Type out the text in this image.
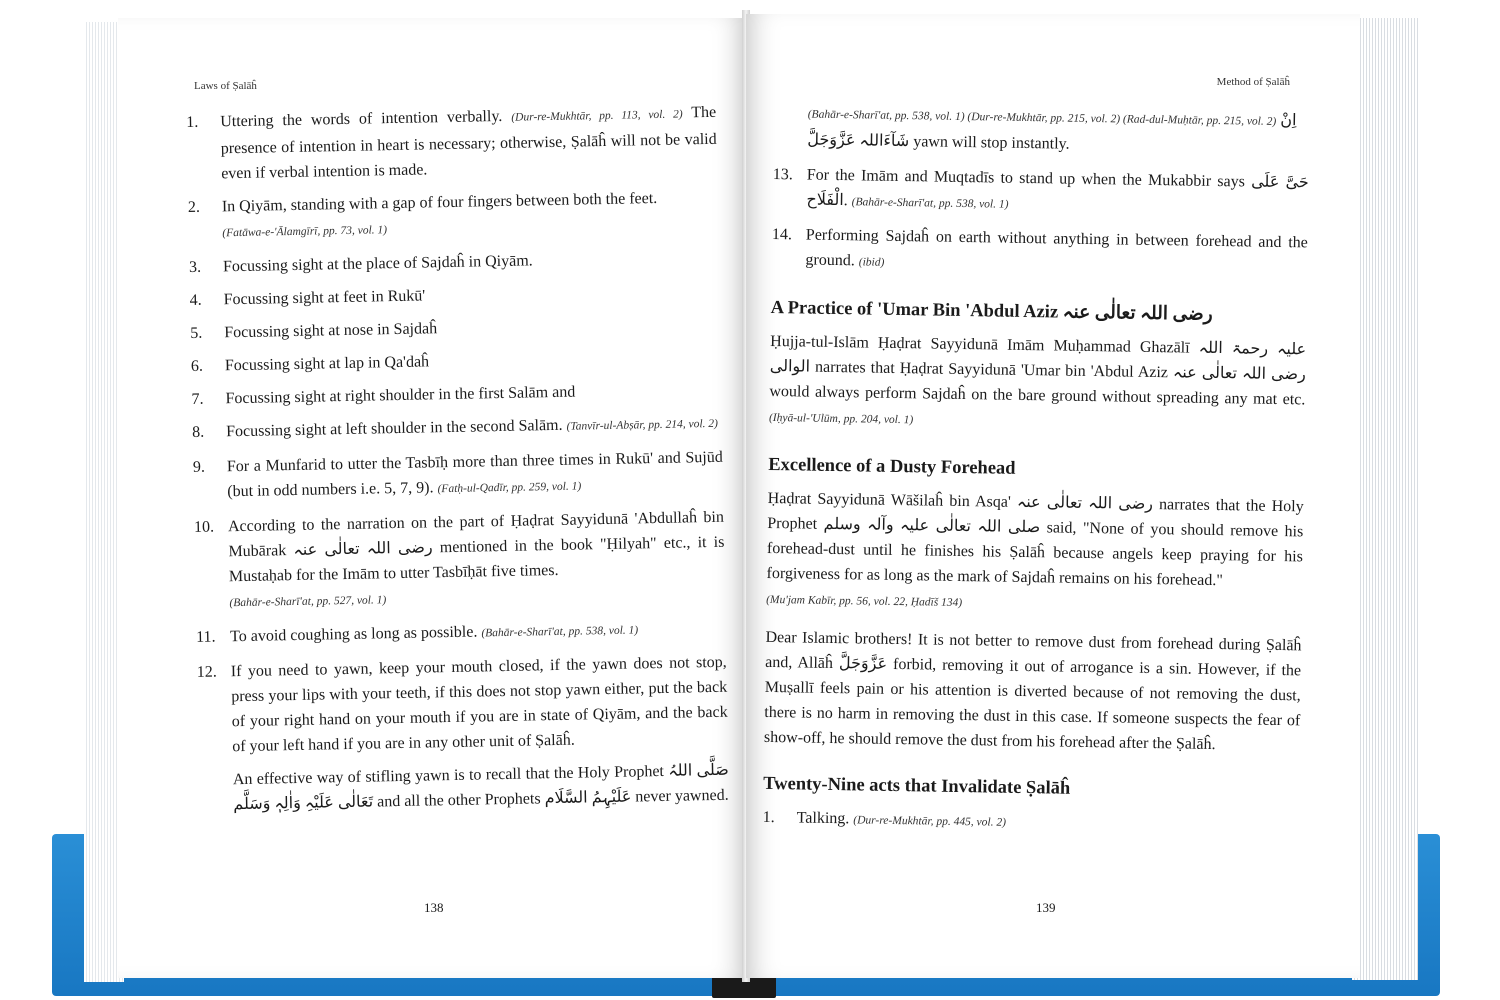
Laws of Ṣalāĥ
1.	Uttering the words of intention verbally. (Dur-re-Mukhtār, pp. 113, vol. 2) The presence of intention in heart is necessary; otherwise, Ṣalāĥ will not be valid even if verbal intention is made.
2.	In Qiyām, standing with a gap of four fingers between both the feet.
(Fatāwa-e-'Ālamgīrī, pp. 73, vol. 1)
3.	Focussing sight at the place of Sajdaĥ in Qiyām.
4.	Focussing sight at feet in Rukū'
5.	Focussing sight at nose in Sajdaĥ
6.	Focussing sight at lap in Qa'daĥ
7.	Focussing sight at right shoulder in the first Salām and
8.	Focussing sight at left shoulder in the second Salām. (Tanvīr-ul-Abṣār, pp. 214, vol. 2)
9.	For a Munfarid to utter the Tasbīḥ more than three times in Rukū' and Sujūd (but in odd numbers i.e. 5, 7, 9). (Fatḥ-ul-Qadīr, pp. 259, vol. 1)
10. According to the narration on the part of Ḥaḍrat Sayyidunā 'Abdullaĥ bin Mubārak رضی اللہ تعالٰی عنہ mentioned in the book "Ḥilyah" etc., it is Mustaḥab for the Imām to utter Tasbīḥāt five times.
(Bahār-e-Sharī'at, pp. 527, vol. 1)
11. To avoid coughing as long as possible. (Bahār-e-Sharī'at, pp. 538, vol. 1)
12. If you need to yawn, keep your mouth closed, if the yawn does not stop, press your lips with your teeth, if this does not stop yawn either, put the back of your right hand on your mouth if you are in state of Qiyām, and the back of your left hand if you are in any other unit of Ṣalāĥ.
An effective way of stifling yawn is to recall that the Holy Prophet صَلَّی اللہُ تَعَالٰی عَلَیْہِ وَاٰلِہٖ وَسَلَّم and all the other Prophets عَلَیْہِمُ السَّلَام never yawned.
138
Method of Ṣalāĥ
(Bahār-e-Sharī'at, pp. 538, vol. 1) (Dur-re-Mukhtār, pp. 215, vol. 2) (Rad-dul-Muḥtār, pp. 215, vol. 2) اِنْ شَآءَاللہ عَزَّوَجَلَّ yawn will stop instantly.
13. For the Imām and Muqtadīs to stand up when the Mukabbir says حَیَّ عَلَی الْفَلَاح. (Bahār-e-Sharī'at, pp. 538, vol. 1)
14. Performing Sajdaĥ on earth without anything in between forehead and the ground. (ibid)
A Practice of 'Umar Bin 'Abdul Aziz رضی اللہ تعالٰی عنہ
Ḥujja-tul-Islām Ḥaḍrat Sayyidunā Imām Muḥammad Ghazālī علیہ رحمۃ اللہ الوالی narrates that Ḥaḍrat Sayyidunā 'Umar bin 'Abdul Aziz رضی اللہ تعالٰی عنہ would always perform Sajdaĥ on the bare ground without spreading any mat etc. (Iḥyā-ul-'Ulūm, pp. 204, vol. 1)
Excellence of a Dusty Forehead
Ḥaḍrat Sayyidunā Wāšilaĥ bin Asqa' رضی اللہ تعالٰی عنہ narrates that the Holy Prophet صلی اللہ تعالٰی علیہ وآلہ وسلم said, "None of you should remove his forehead-dust until he finishes his Ṣalāĥ because angels keep praying for his forgiveness for as long as the mark of Sajdaĥ remains on his forehead."
(Mu'jam Kabīr, pp. 56, vol. 22, Ḥadīš 134)
Dear Islamic brothers! It is not better to remove dust from forehead during Ṣalāĥ and, Allāĥ عَزَّوَجَلَّ forbid, removing it out of arrogance is a sin. However, if the Muṣallī feels pain or his attention is diverted because of not removing the dust, there is no harm in removing the dust in this case. If someone suspects the fear of show-off, he should remove the dust from his forehead after the Ṣalāĥ.
Twenty-Nine acts that Invalidate Ṣalāĥ
1.	Talking. (Dur-re-Mukhtār, pp. 445, vol. 2)
139
